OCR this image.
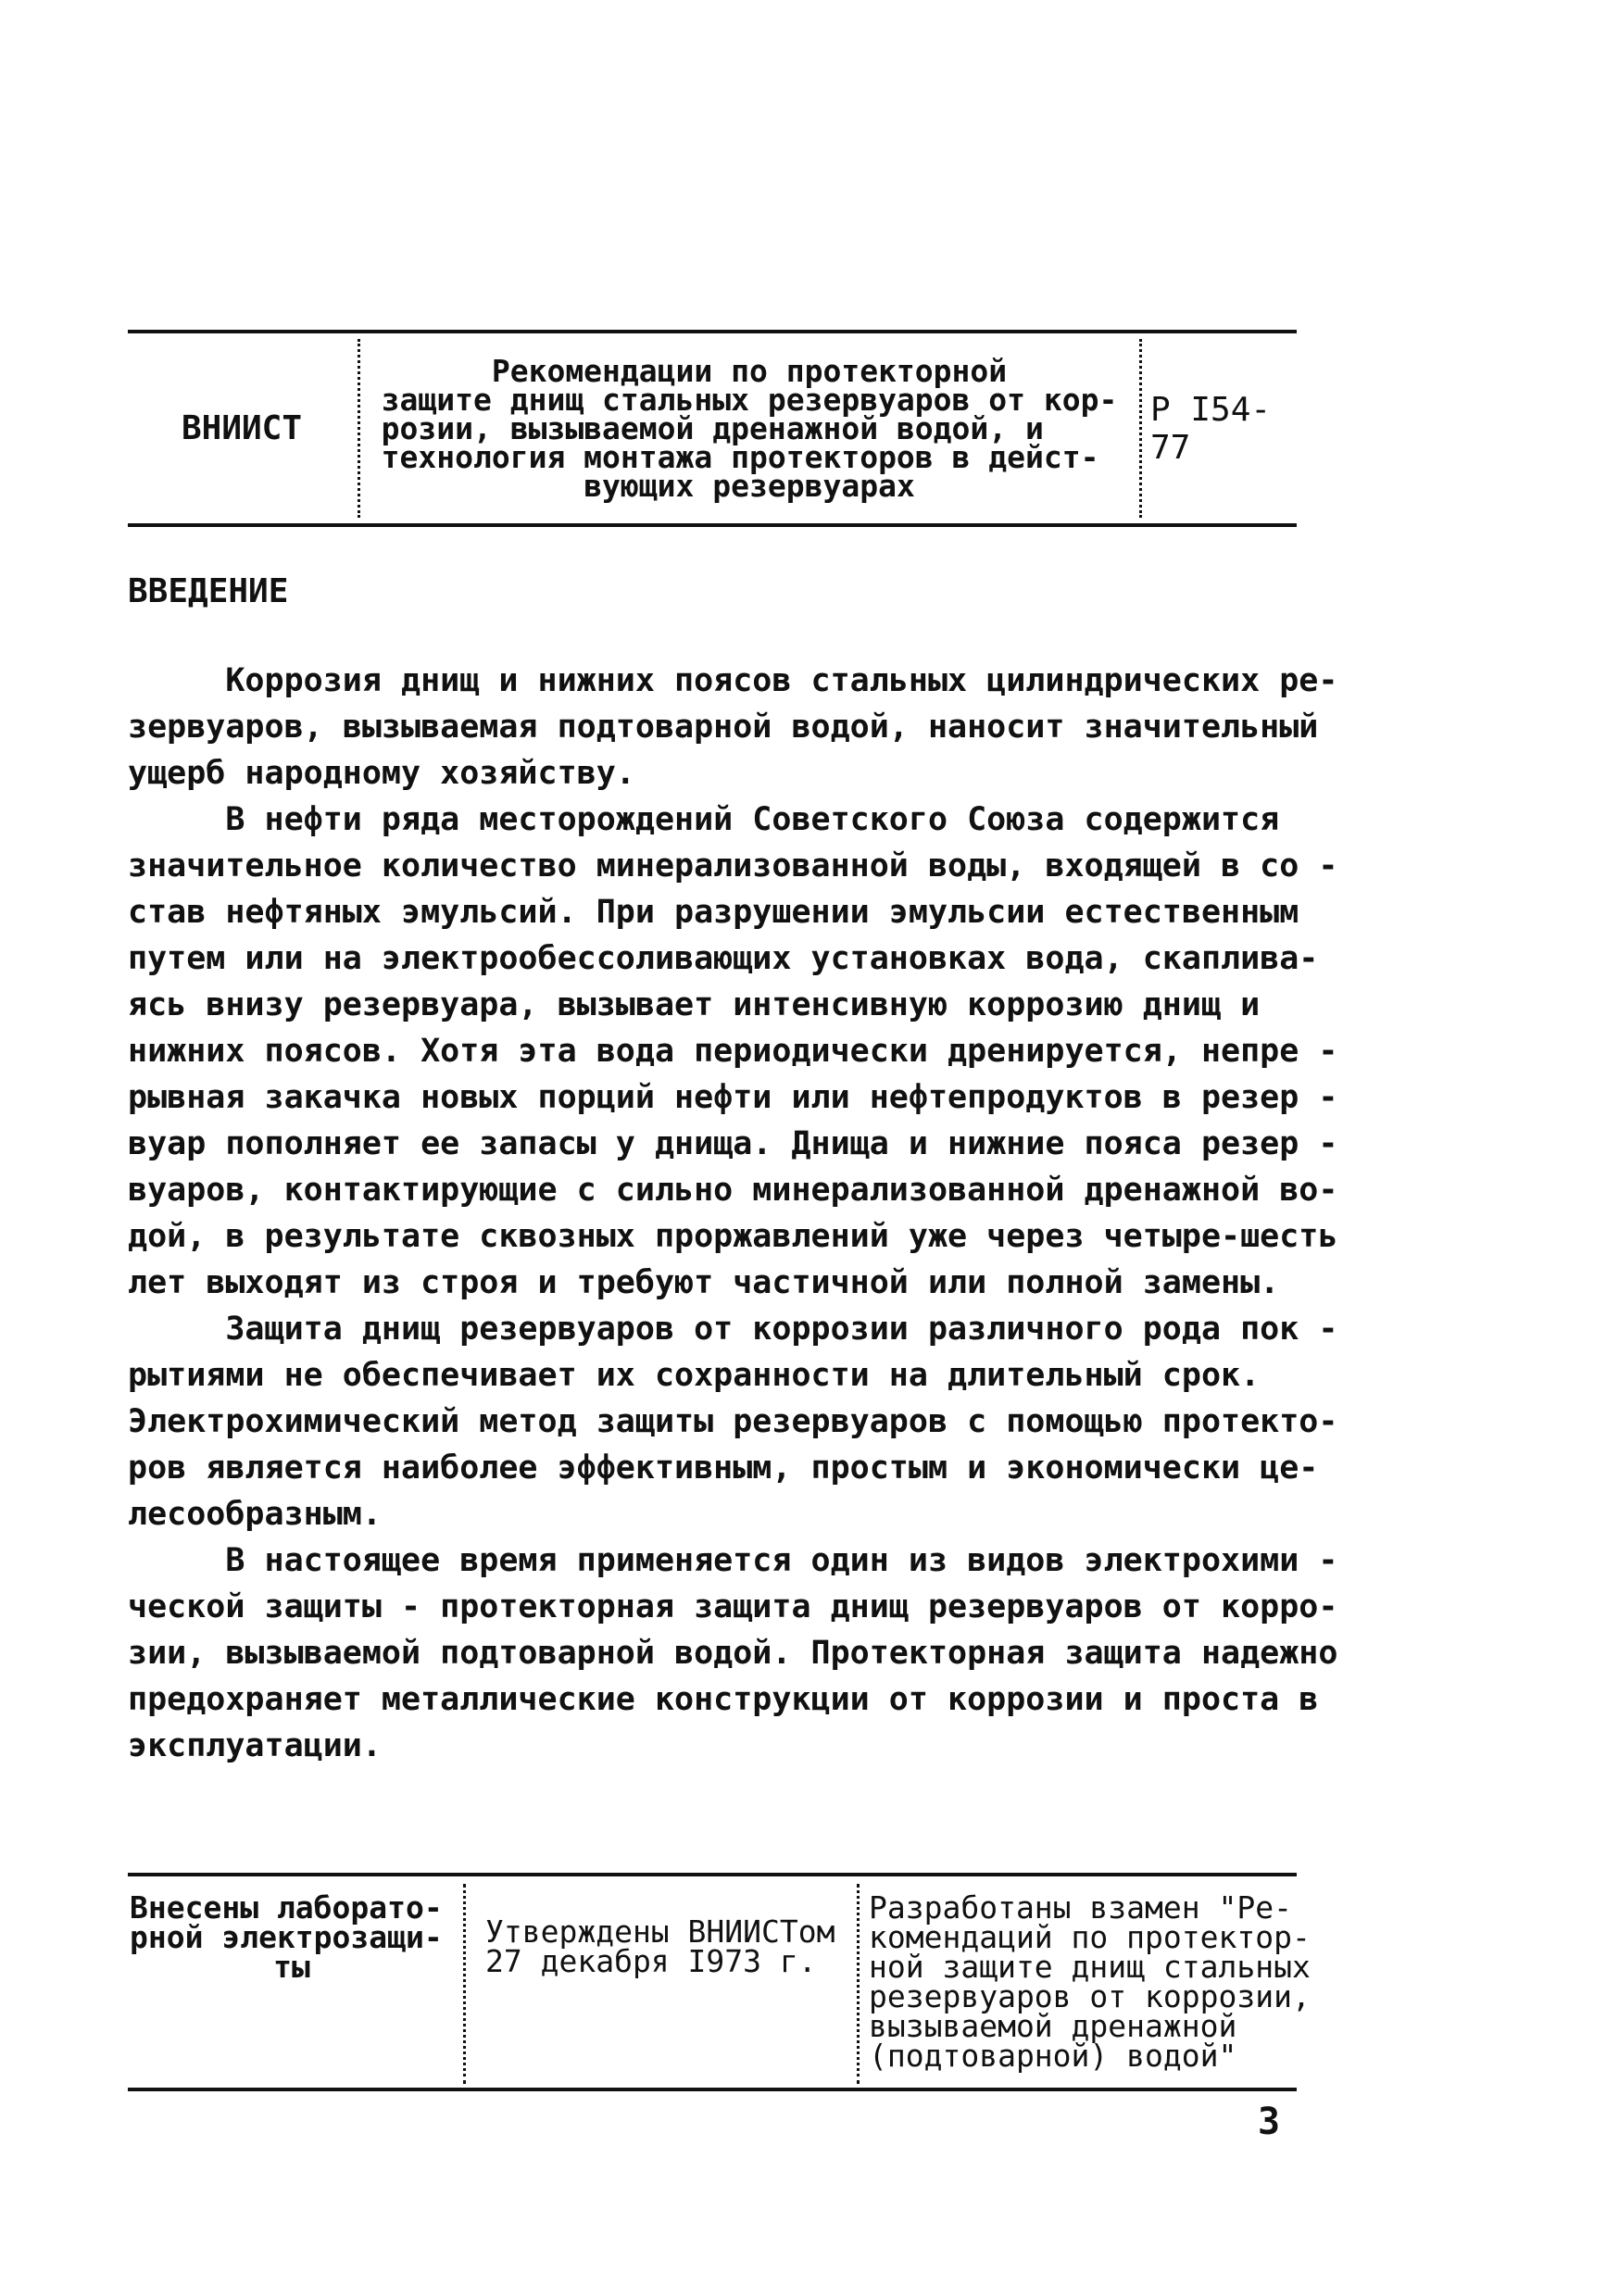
ВНИИСТ
Рекомендации по протекторной
защите днищ стальных резервуаров от кор-
розии, вызываемой дренажной водой, и
технология монтажа протекторов в дейст-
вующих резервуарах
Р I54-77
ВВЕДЕНИЕ
Коррозия днищ и нижних поясов стальных цилиндрических ре-
зервуаров, вызываемая подтоварной водой, наносит значительный
ущерб народному хозяйству.
В нефти ряда месторождений Советского Союза содержится
значительное количество минерализованной воды, входящей в со -
став нефтяных эмульсий. При разрушении эмульсии естественным
путем или на электрообессоливающих установках вода, скаплива-
ясь внизу резервуара, вызывает интенсивную коррозию днищ и
нижних поясов. Хотя эта вода периодически дренируется, непре -
рывная закачка новых порций нефти или нефтепродуктов в резер -
вуар пополняет ее запасы у днища. Днища и нижние пояса резер -
вуаров, контактирующие с сильно минерализованной дренажной во-
дой, в результате сквозных проржавлений уже через четыре-шесть
лет выходят из строя и требуют частичной или полной замены.
Защита днищ резервуаров от коррозии различного рода пок -
рытиями не обеспечивает их сохранности на длительный срок.
Электрохимический метод защиты резервуаров с помощью протекто-
ров является наиболее эффективным, простым и экономически це-
лесообразным.
В настоящее время применяется один из видов электрохими -
ческой защиты - протекторная защита днищ резервуаров от корро-
зии, вызываемой подтоварной водой. Протекторная защита надежно
предохраняет металлические конструкции от коррозии и проста в
эксплуатации.
Внесены лаборато-
рной электрозащи-
ты
Утверждены ВНИИСТом
27 декабря I973 г.
Разработаны взамен "Ре-
комендаций по протектор-
ной защите днищ стальных
резервуаров от коррозии,
вызываемой дренажной
(подтоварной) водой"
3
